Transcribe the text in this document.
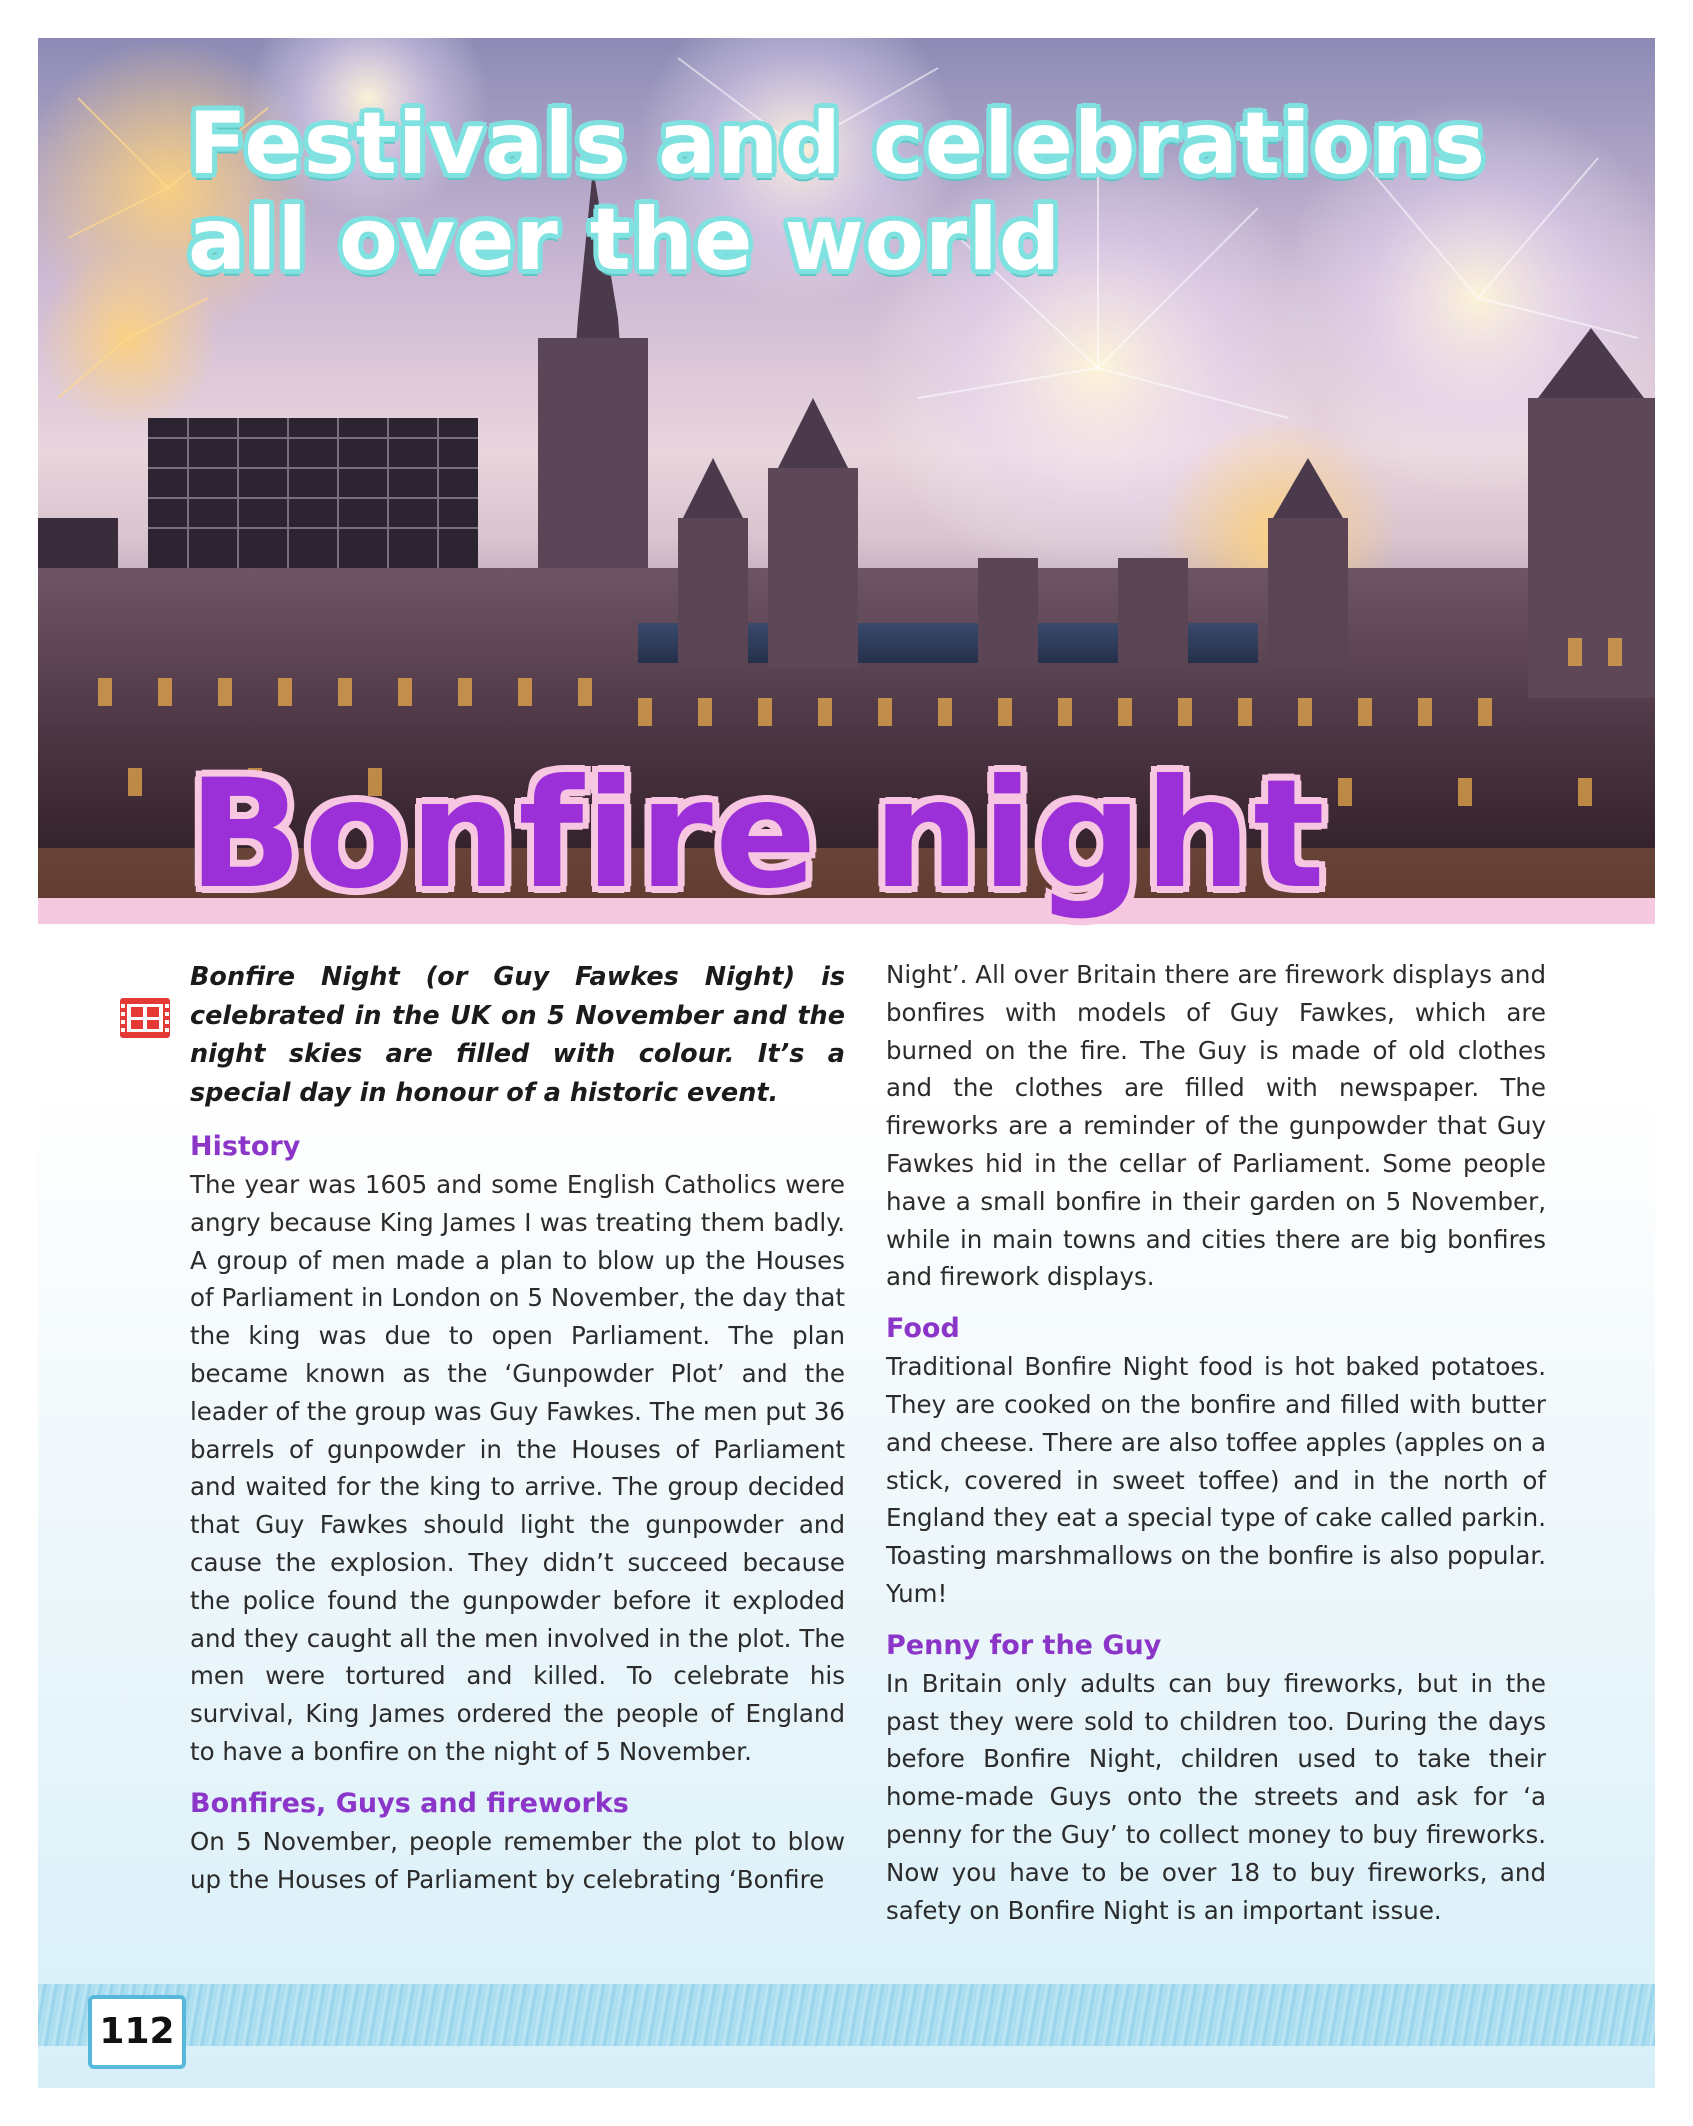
Festivals and celebrations
all over the world
Bonfire night

Bonfire Night (or Guy Fawkes Night) is celebrated in the UK on 5 November and the night skies are filled with colour. It’s a special day in honour of a historic event.

History

The year was 1605 and some English Catholics were angry because King James I was treating them badly. A group of men made a plan to blow up the Houses of Parliament in London on 5 November, the day that the king was due to open Parliament. The plan became known as the ‘Gunpowder Plot’ and the leader of the group was Guy Fawkes. The men put 36 barrels of gunpowder in the Houses of Parliament and waited for the king to arrive. The group decided that Guy Fawkes should light the gunpowder and cause the explosion. They didn’t succeed because the police found the gunpowder before it exploded and they caught all the men involved in the plot. The men were tortured and killed. To celebrate his survival, King James ordered the people of England to have a bonfire on the night of 5 November.

Bonfires, Guys and fireworks

On 5 November, people remember the plot to blow up the Houses of Parliament by celebrating ‘Bonfire

Night’. All over Britain there are firework displays and bonfires with models of Guy Fawkes, which are burned on the fire. The Guy is made of old clothes and the clothes are filled with newspaper. The fireworks are a reminder of the gunpowder that Guy Fawkes hid in the cellar of Parliament. Some people have a small bonfire in their garden on 5 November, while in main towns and cities there are big bonfires and firework displays.

Food

Traditional Bonfire Night food is hot baked potatoes. They are cooked on the bonfire and filled with butter and cheese. There are also toffee apples (apples on a stick, covered in sweet toffee) and in the north of England they eat a special type of cake called parkin. Toasting marshmallows on the bonfire is also popular. Yum!

Penny for the Guy

In Britain only adults can buy fireworks, but in the past they were sold to children too. During the days before Bonfire Night, children used to take their home-made Guys onto the streets and ask for ‘a penny for the Guy’ to collect money to buy fireworks. Now you have to be over 18 to buy fireworks, and safety on Bonfire Night is an important issue.

112
